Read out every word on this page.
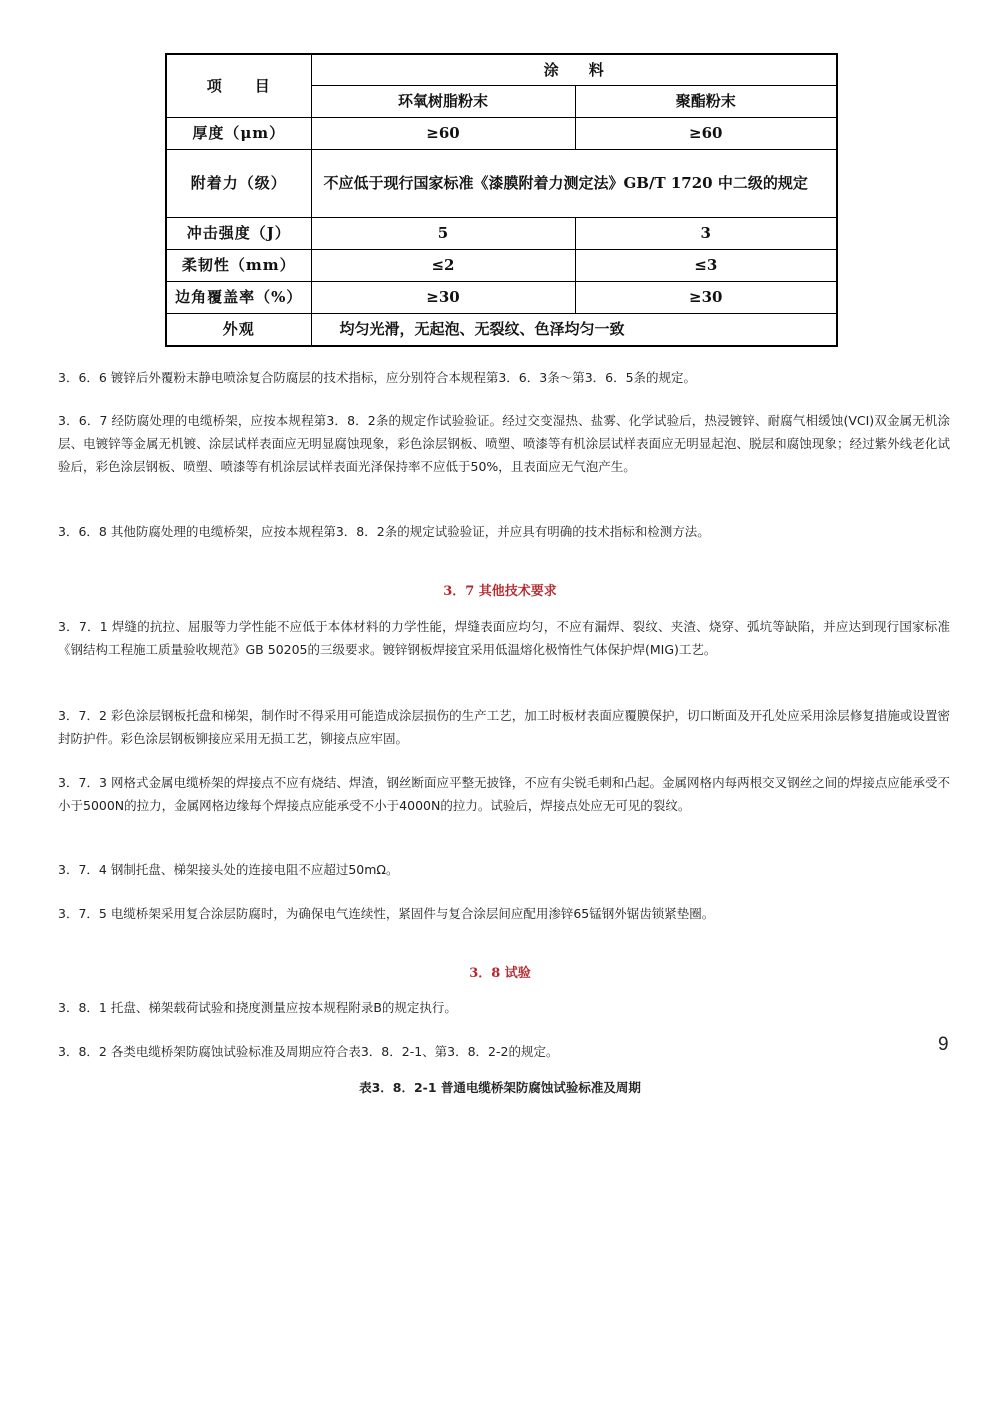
项　　目	涂　　料	
	环氧树脂粉末	聚酯粉末
厚度（μm）	≥60	≥60
附着力（级）	不应低于现行国家标准《漆膜附着力测定法》GB/T 1720 中二级的规定	
冲击强度（J）	5	3
柔韧性（mm）	≤2	≤3
边角覆盖率（%）	≥30	≥30
外观	均匀光滑，无起泡、无裂纹、色泽均匀一致	

3．6．6 镀锌后外覆粉末静电喷涂复合防腐层的技术指标，应分别符合本规程第3．6．3条～第3．6．5条的规定。

3．6．7 经防腐处理的电缆桥架，应按本规程第3．8．2条的规定作试验验证。经过交变湿热、盐雾、化学试验后，热浸镀锌、耐腐气相缓蚀(VCI)双金属无机涂层、电镀锌等金属无机镀、涂层试样表面应无明显腐蚀现象，彩色涂层钢板、喷塑、喷漆等有机涂层试样表面应无明显起泡、脱层和腐蚀现象；经过紫外线老化试验后，彩色涂层钢板、喷塑、喷漆等有机涂层试样表面光泽保持率不应低于50%，且表面应无气泡产生。

3．6．8 其他防腐处理的电缆桥架，应按本规程第3．8．2条的规定试验验证，并应具有明确的技术指标和检测方法。

3．7 其他技术要求

3．7．1 焊缝的抗拉、屈服等力学性能不应低于本体材料的力学性能，焊缝表面应均匀，不应有漏焊、裂纹、夹渣、烧穿、弧坑等缺陷，并应达到现行国家标准《钢结构工程施工质量验收规范》GB 50205的三级要求。镀锌钢板焊接宜采用低温熔化极惰性气体保护焊(MIG)工艺。

3．7．2 彩色涂层钢板托盘和梯架，制作时不得采用可能造成涂层损伤的生产工艺，加工时板材表面应覆膜保护，切口断面及开孔处应采用涂层修复措施或设置密封防护件。彩色涂层钢板铆接应采用无损工艺，铆接点应牢固。

3．7．3 网格式金属电缆桥架的焊接点不应有烧结、焊渣，钢丝断面应平整无披锋，不应有尖锐毛刺和凸起。金属网格内每两根交叉钢丝之间的焊接点应能承受不小于5000N的拉力，金属网格边缘每个焊接点应能承受不小于4000N的拉力。试验后，焊接点处应无可见的裂纹。

3．7．4 钢制托盘、梯架接头处的连接电阻不应超过50mΩ。

3．7．5 电缆桥架采用复合涂层防腐时，为确保电气连续性，紧固件与复合涂层间应配用渗锌65锰钢外锯齿锁紧垫圈。

3．8 试验

3．8．1 托盘、梯架载荷试验和挠度测量应按本规程附录B的规定执行。

3．8．2 各类电缆桥架防腐蚀试验标准及周期应符合表3．8．2-1、第3．8．2-2的规定。

表3．8．2-1 普通电缆桥架防腐蚀试验标准及周期

9
